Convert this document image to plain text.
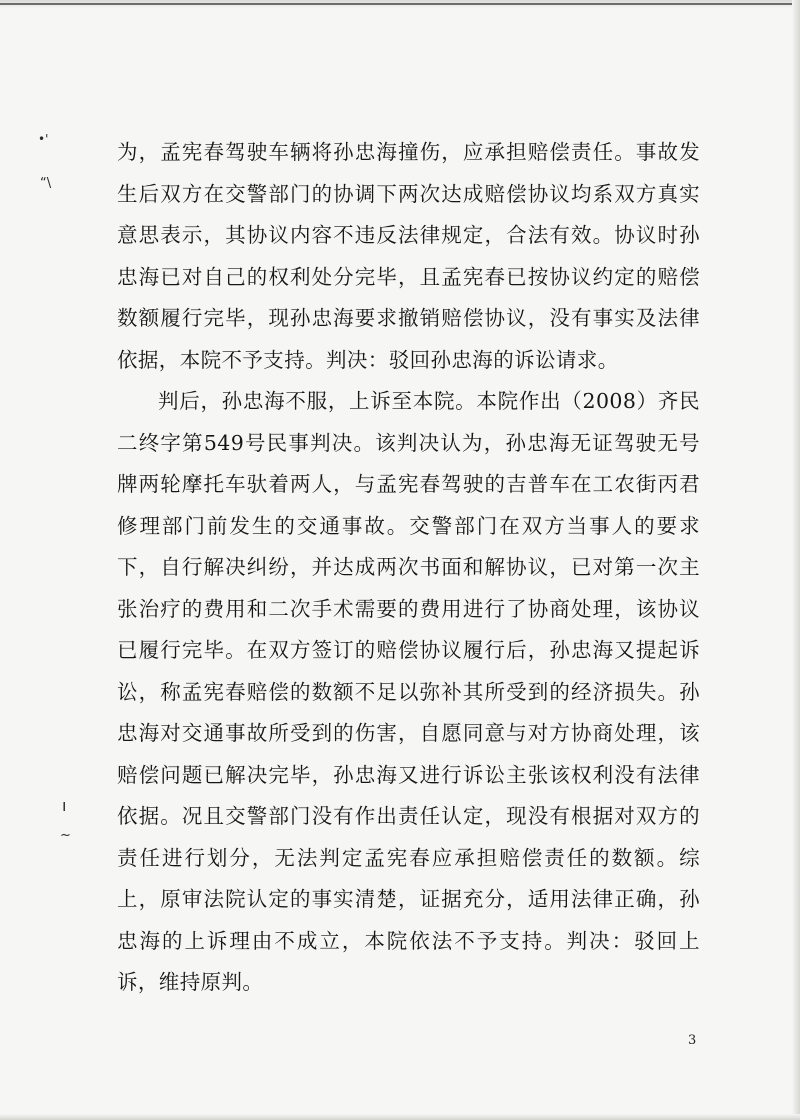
•'
“\
ı
~

为，孟宪春驾驶车辆将孙忠海撞伤，应承担赔偿责任。事故发生后双方在交警部门的协调下两次达成赔偿协议均系双方真实意思表示，其协议内容不违反法律规定，合法有效。协议时孙忠海已对自己的权利处分完毕，且孟宪春已按协议约定的赔偿数额履行完毕，现孙忠海要求撤销赔偿协议，没有事实及法律依据，本院不予支持。判决：驳回孙忠海的诉讼请求。

判后，孙忠海不服，上诉至本院。本院作出（2008）齐民二终字第549号民事判决。该判决认为，孙忠海无证驾驶无号牌两轮摩托车驮着两人，与孟宪春驾驶的吉普车在工农街丙君修理部门前发生的交通事故。交警部门在双方当事人的要求下，自行解决纠纷，并达成两次书面和解协议，已对第一次主张治疗的费用和二次手术需要的费用进行了协商处理，该协议已履行完毕。在双方签订的赔偿协议履行后，孙忠海又提起诉讼，称孟宪春赔偿的数额不足以弥补其所受到的经济损失。孙忠海对交通事故所受到的伤害，自愿同意与对方协商处理，该赔偿问题已解决完毕，孙忠海又进行诉讼主张该权利没有法律依据。况且交警部门没有作出责任认定，现没有根据对双方的责任进行划分，无法判定孟宪春应承担赔偿责任的数额。综上，原审法院认定的事实清楚，证据充分，适用法律正确，孙忠海的上诉理由不成立，本院依法不予支持。判决：驳回上诉，维持原判。

3
